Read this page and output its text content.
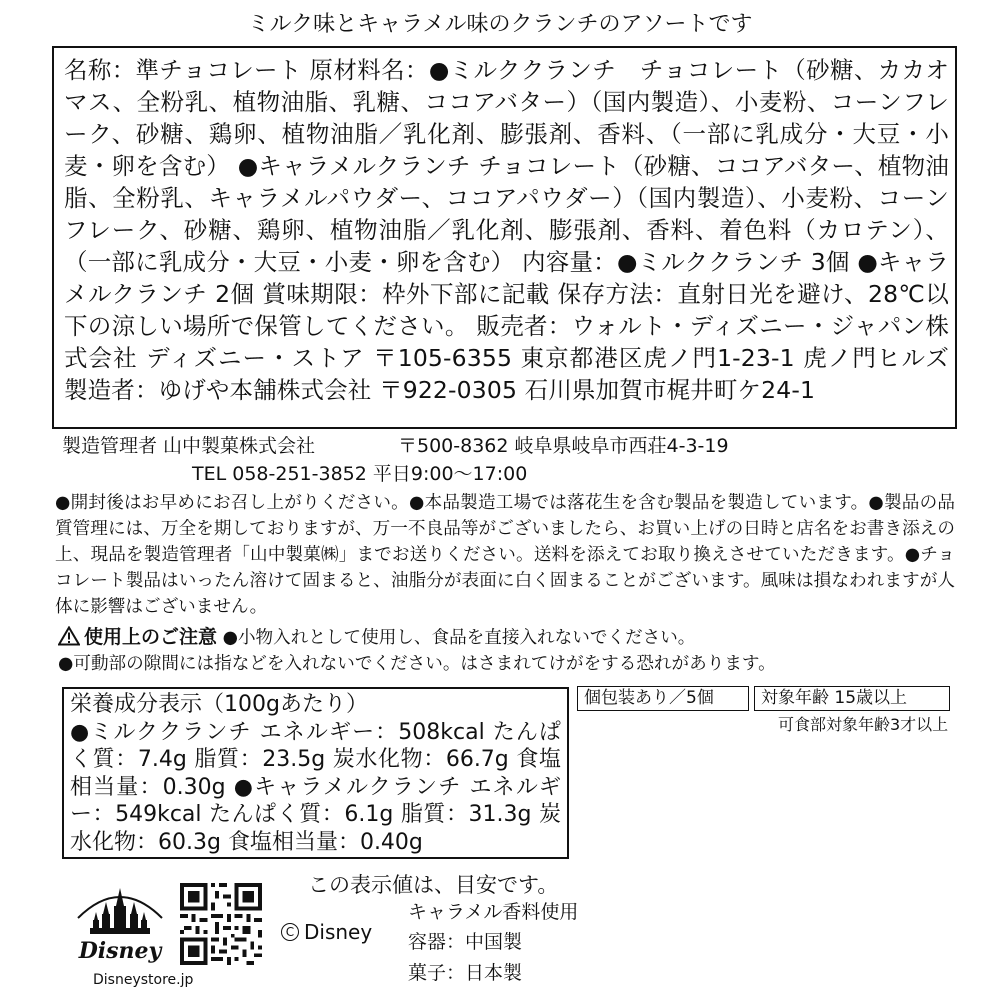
ミルク味とキャラメル味のクランチのアソートです
名称：準チョコレート 原材料名：●ミルククランチ　チョコレート（砂糖、カカオマス、全粉乳、植物油脂、乳糖、ココアバター）（国内製造）、小麦粉、コーンフレーク、砂糖、鶏卵、植物油脂／乳化剤、膨張剤、香料、（一部に乳成分・大豆・小麦・卵を含む） ●キャラメルクランチ チョコレート（砂糖、ココアバター、植物油脂、全粉乳、キャラメルパウダー、ココアパウダー）（国内製造）、小麦粉、コーンフレーク、砂糖、鶏卵、植物油脂／乳化剤、膨張剤、香料、着色料（カロテン）、（一部に乳成分・大豆・小麦・卵を含む） 内容量：●ミルククランチ 3個 ●キャラメルクランチ 2個 賞味期限：枠外下部に記載 保存方法：直射日光を避け、28℃以下の涼しい場所で保管してください。 販売者：ウォルト・ディズニー・ジャパン株式会社 ディズニー・ストア 〒105-6355 東京都港区虎ノ門1-23-1 虎ノ門ヒルズ 製造者：ゆげや本舗株式会社 〒922-0305 石川県加賀市梶井町ケ24-1
製造管理者 山中製菓株式会社	〒500-8362 岐阜県岐阜市西荘4-3-19
TEL 058-251-3852 平日9:00〜17:00
●開封後はお早めにお召し上がりください。●本品製造工場では落花生を含む製品を製造しています。●製品の品質管理には、万全を期しておりますが、万一不良品等がございましたら、お買い上げの日時と店名をお書き添えの上、現品を製造管理者「山中製菓㈱」までお送りください。送料を添えてお取り換えさせていただきます。●チョコレート製品はいったん溶けて固まると、油脂分が表面に白く固まることがございます。風味は損なわれますが人体に影響はございません。
使用上のご注意 ●小物入れとして使用し、食品を直接入れないでください。
●可動部の隙間には指などを入れないでください。はさまれてけがをする恐れがあります。
栄養成分表示（100gあたり）
●ミルククランチ エネルギー：508kcal たんぱく質：7.4g 脂質：23.5g 炭水化物：66.7g 食塩相当量：0.30g ●キャラメルクランチ エネルギー：549kcal たんぱく質：6.1g 脂質：31.3g 炭水化物：60.3g 食塩相当量：0.40g
個包装あり／5個	対象年齢 15歳以上
可食部対象年齢3才以上
この表示値は、目安です。
キャラメル香料使用
容器：中国製
菓子：日本製
Disney
C Disney
Disneystore.jp
